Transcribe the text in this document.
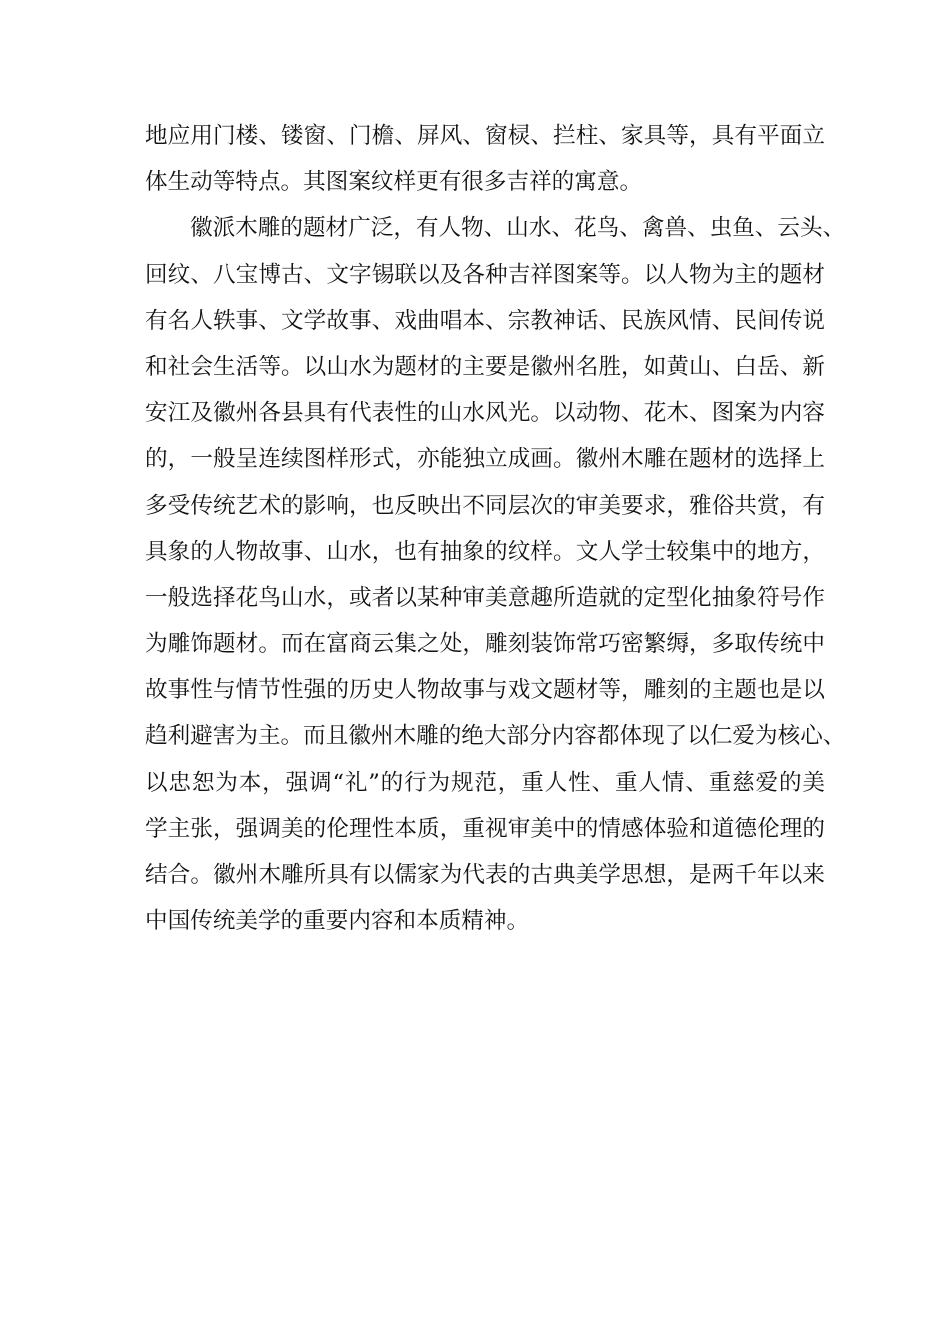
地应用门楼、镂窗、门檐、屏风、窗棂、拦柱、家具等，具有平面立
体生动等特点。其图案纹样更有很多吉祥的寓意。
徽派木雕的题材广泛，有人物、山水、花鸟、禽兽、虫鱼、云头、
回纹、八宝博古、文字锡联以及各种吉祥图案等。以人物为主的题材
有名人轶事、文学故事、戏曲唱本、宗教神话、民族风情、民间传说
和社会生活等。以山水为题材的主要是徽州名胜，如黄山、白岳、新
安江及徽州各县具有代表性的山水风光。以动物、花木、图案为内容
的，一般呈连续图样形式，亦能独立成画。徽州木雕在题材的选择上
多受传统艺术的影响，也反映出不同层次的审美要求，雅俗共赏，有
具象的人物故事、山水，也有抽象的纹样。文人学士较集中的地方，
一般选择花鸟山水，或者以某种审美意趣所造就的定型化抽象符号作
为雕饰题材。而在富商云集之处，雕刻装饰常巧密繁缛，多取传统中
故事性与情节性强的历史人物故事与戏文题材等，雕刻的主题也是以
趋利避害为主。而且徽州木雕的绝大部分内容都体现了以仁爱为核心、
以忠恕为本，强调“礼”的行为规范，重人性、重人情、重慈爱的美
学主张，强调美的伦理性本质，重视审美中的情感体验和道德伦理的
结合。徽州木雕所具有以儒家为代表的古典美学思想，是两千年以来
中国传统美学的重要内容和本质精神。
